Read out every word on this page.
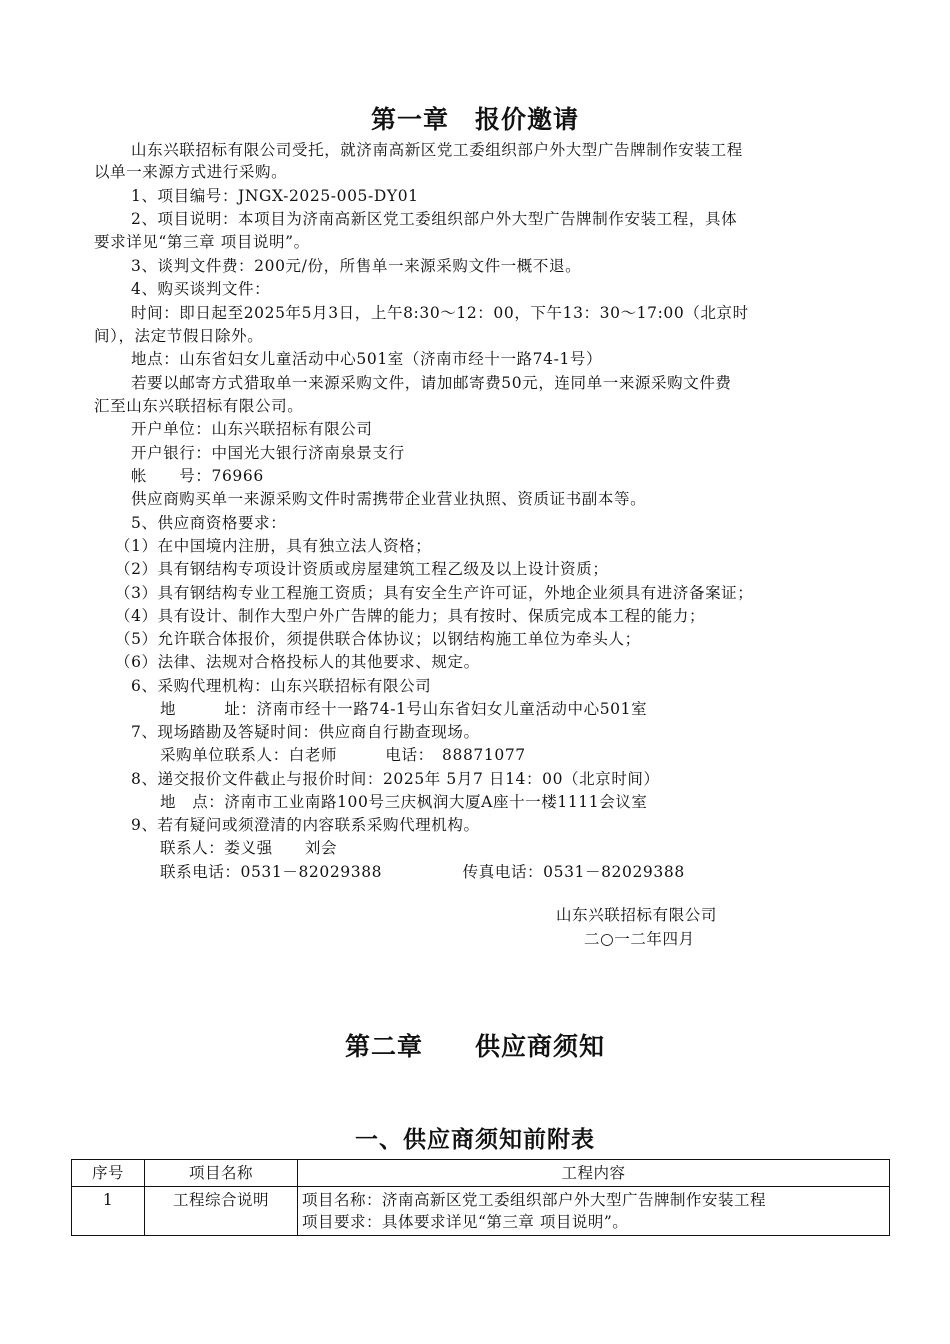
第一章　报价邀请
山东兴联招标有限公司受托，就济南高新区党工委组织部户外大型广告牌制作安装工程
以单一来源方式进行采购。
1、项目编号：JNGX-2025-005-DY01
2、项目说明：本项目为济南高新区党工委组织部户外大型广告牌制作安装工程，具体
要求详见“第三章 项目说明”。
3、谈判文件费：200元/份，所售单一来源采购文件一概不退。
4、购买谈判文件：
时间：即日起至2025年5月3日，上午8:30～12：00，下午13：30～17:00（北京时
间），法定节假日除外。
地点：山东省妇女儿童活动中心501室（济南市经十一路74-1号）
若要以邮寄方式猎取单一来源采购文件，请加邮寄费50元，连同单一来源采购文件费
汇至山东兴联招标有限公司。
开户单位：山东兴联招标有限公司
开户银行：中国光大银行济南泉景支行
帐　　号：76966
供应商购买单一来源采购文件时需携带企业营业执照、资质证书副本等。
5、供应商资格要求：
（1）在中国境内注册，具有独立法人资格；
（2）具有钢结构专项设计资质或房屋建筑工程乙级及以上设计资质；
（3）具有钢结构专业工程施工资质；具有安全生产许可证，外地企业须具有进济备案证；
（4）具有设计、制作大型户外广告牌的能力；具有按时、保质完成本工程的能力；
（5）允许联合体报价，须提供联合体协议；以钢结构施工单位为牵头人；
（6）法律、法规对合格投标人的其他要求、规定。
6、采购代理机构：山东兴联招标有限公司
地　　　址：济南市经十一路74-1号山东省妇女儿童活动中心501室
7、现场踏勘及答疑时间：供应商自行勘查现场。
采购单位联系人：白老师　　　电话：　88871077
8、递交报价文件截止与报价时间：2025年 5月7 日14：00（北京时间）
地　点：济南市工业南路100号三庆枫润大厦A座十一楼1111会议室
9、若有疑问或须澄清的内容联系采购代理机构。
联系人：娄义强　　刘会
联系电话：0531－82029388　　　　　传真电话：0531－82029388
山东兴联招标有限公司
二○一二年四月
第二章　　供应商须知
一、供应商须知前附表
序号	项目名称	工程内容
1	工程综合说明	项目名称：济南高新区党工委组织部户外大型广告牌制作安装工程
项目要求：具体要求详见“第三章 项目说明”。
